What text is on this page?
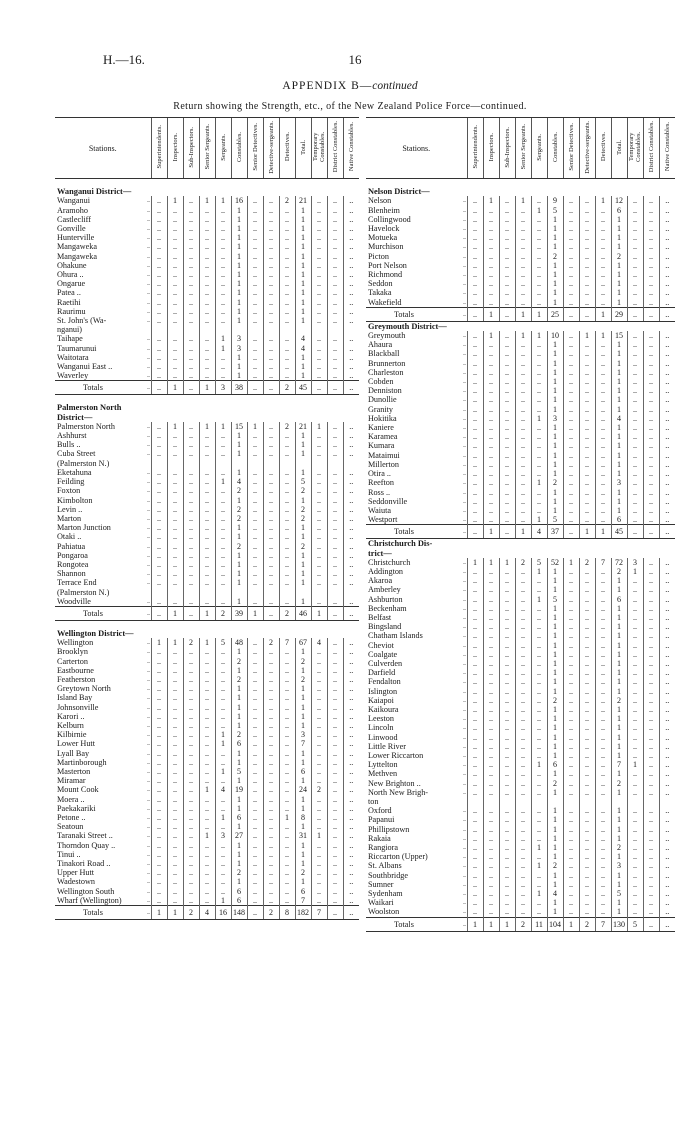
H.—16.	16
APPENDIX B—continued
Return showing the Strength, etc., of the New Zealand Police Force—continued.
Stations.		Superintendents.	Inspectors.	Sub-Inspectors.	Senior Sergeants.	Sergeants.	Constables.	Senior Detectives.	Detective-sergeants.	Detectives.	Total.	Temporary Constables.	District Constables.	Native Constables.

Wanganui District—														
Wanganui	..	..	1	..	1	1	16	..	..	2	21	..	..	..
Aramoho	..	..	..	..	..	..	1	..	..	..	1	..	..	..
Castlecliff	..	..	..	..	..	..	1	..	..	..	1	..	..	..
Gonville	..	..	..	..	..	..	1	..	..	..	1	..	..	..
Hunterville	..	..	..	..	..	..	1	..	..	..	1	..	..	..
Mangaweka	..	..	..	..	..	..	1	..	..	..	1	..	..	..
Mangaweka	..	..	..	..	..	..	1	..	..	..	1	..	..	..
Ohakune	..	..	..	..	..	..	1	..	..	..	1	..	..	..
Ohura ..	..	..	..	..	..	..	1	..	..	..	1	..	..	..
Ongarue	..	..	..	..	..	..	1	..	..	..	1	..	..	..
Patea ..	..	..	..	..	..	..	1	..	..	..	1	..	..	..
Raetihi	..	..	..	..	..	..	1	..	..	..	1	..	..	..
Raurimu	..	..	..	..	..	..	1	..	..	..	1	..	..	..
St. John's (Wa-	..	..	..	..	..	..	1	..	..	..	1	..	..	..
nganui)														
Taihape	..	..	..	..	..	1	3	..	..	..	4	..	..	..
Taumarunui	..	..	..	..	..	1	3	..	..	..	4	..	..	..
Waitotara	..	..	..	..	..	..	1	..	..	..	1	..	..	..
Wanganui East ..	..	..	..	..	..	..	1	..	..	..	1	..	..	..
Waverley	..	..	..	..	..	..	1	..	..	..	1	..	..	..
Totals	..	..	1	..	1	3	38	..	..	2	45	..	..	..

Palmerston North														
District—														
Palmerston North	..	..	1	..	1	1	15	1	..	2	21	1	..	..
Ashhurst	..	..	..	..	..	..	1	..	..	..	1	..	..	..
Bulls ..	..	..	..	..	..	..	1	..	..	..	1	..	..	..
Cuba Street	..	..	..	..	..	..	1	..	..	..	1	..	..	..
(Palmerston N.)														
Eketahuna	..	..	..	..	..	..	1	..	..	..	1	..	..	..
Feilding	..	..	..	..	..	1	4	..	..	..	5	..	..	..
Foxton	..	..	..	..	..	..	2	..	..	..	2	..	..	..
Kimbolton	..	..	..	..	..	..	1	..	..	..	1	..	..	..
Levin ..	..	..	..	..	..	..	2	..	..	..	2	..	..	..
Marton	..	..	..	..	..	..	2	..	..	..	2	..	..	..
Marton Junction	..	..	..	..	..	..	1	..	..	..	1	..	..	..
Otaki ..	..	..	..	..	..	..	1	..	..	..	1	..	..	..
Pahiatua	..	..	..	..	..	..	2	..	..	..	2	..	..	..
Pongaroa	..	..	..	..	..	..	1	..	..	..	1	..	..	..
Rongotea	..	..	..	..	..	..	1	..	..	..	1	..	..	..
Shannon	..	..	..	..	..	..	1	..	..	..	1	..	..	..
Terrace End	..	..	..	..	..	..	1	..	..	..	1	..	..	..
(Palmerston N.)														
Woodville	..	..	..	..	..	..	1	..	..	..	1	..	..	..
Totals	..	..	1	..	1	2	39	1	..	2	46	1	..	..

Wellington District—														
Wellington	..	1	1	2	1	5	48	..	2	7	67	4	..	..
Brooklyn	..	..	..	..	..	..	1	..	..	..	1	..	..	..
Carterton	..	..	..	..	..	..	2	..	..	..	2	..	..	..
Eastbourne	..	..	..	..	..	..	1	..	..	..	1	..	..	..
Featherston	..	..	..	..	..	..	2	..	..	..	2	..	..	..
Greytown North	..	..	..	..	..	..	1	..	..	..	1	..	..	..
Island Bay	..	..	..	..	..	..	1	..	..	..	1	..	..	..
Johnsonville	..	..	..	..	..	..	1	..	..	..	1	..	..	..
Karori ..	..	..	..	..	..	..	1	..	..	..	1	..	..	..
Kelburn	..	..	..	..	..	..	1	..	..	..	1	..	..	..
Kilbirnie	..	..	..	..	..	1	2	..	..	..	3	..	..	..
Lower Hutt	..	..	..	..	..	1	6	..	..	..	7	..	..	..
Lyall Bay	..	..	..	..	..	..	1	..	..	..	1	..	..	..
Martinborough	..	..	..	..	..	..	1	..	..	..	1	..	..	..
Masterton	..	..	..	..	..	1	5	..	..	..	6	..	..	..
Miramar	..	..	..	..	..	..	1	..	..	..	1	..	..	..
Mount Cook	..	..	..	..	1	4	19	..	..	..	24	2	..	..
Moera ..	..	..	..	..	..	..	1	..	..	..	1	..	..	..
Paekakariki	..	..	..	..	..	..	1	..	..	..	1	..	..	..
Petone ..	..	..	..	..	..	1	6	..	..	1	8	..	..	..
Seatoun	..	..	..	..	..	..	1	..	..	..	1	..	..	..
Taranaki Street ..	..	..	..	..	1	3	27	..	..	..	31	1	..	..
Thorndon Quay ..	..	..	..	..	..	..	1	..	..	..	1	..	..	..
Tinui ..	..	..	..	..	..	..	1	..	..	..	1	..	..	..
Tinakori Road ..	..	..	..	..	..	..	1	..	..	..	1	..	..	..
Upper Hutt	..	..	..	..	..	..	2	..	..	..	2	..	..	..
Wadestown	..	..	..	..	..	..	1	..	..	..	1	..	..	..
Wellington South	..	..	..	..	..	..	6	..	..	..	6	..	..	..
Wharf (Wellington)	..	..	..	..	..	1	6	..	..	..	7	..	..	..
Totals	..	1	1	2	4	16	148	..	2	8	182	7	..	..
Stations.		Superintendents.	Inspectors.	Sub-Inspectors.	Senior Sergeants.	Sergeants.	Constables.	Senior Detectives.	Detective-sergeants.	Detectives.	Total.	Temporary Constables.	District Constables.	Native Constables.

Nelson District—														
Nelson	..	..	1	..	1	..	9	..	..	1	12	..	..	..
Blenheim	..	..	..	..	..	1	5	..	..	..	6	..	..	..
Collingwood	..	..	..	..	..	..	1	..	..	..	1	..	..	..
Havelock	..	..	..	..	..	..	1	..	..	..	1	..	..	..
Motueka	..	..	..	..	..	..	1	..	..	..	1	..	..	..
Murchison	..	..	..	..	..	..	1	..	..	..	1	..	..	..
Picton	..	..	..	..	..	..	2	..	..	..	2	..	..	..
Port Nelson	..	..	..	..	..	..	1	..	..	..	1	..	..	..
Richmond	..	..	..	..	..	..	1	..	..	..	1	..	..	..
Seddon	..	..	..	..	..	..	1	..	..	..	1	..	..	..
Takaka	..	..	..	..	..	..	1	..	..	..	1	..	..	..
Wakefield	..	..	..	..	..	..	1	..	..	..	1	..	..	..
Totals	..	..	1	..	1	1	25	..	..	1	29	..	..	..
Greymouth District—														
Greymouth	..	..	1	..	1	1	10	..	1	1	15	..	..	..
Ahaura	..	..	..	..	..	..	1	..	..	..	1	..	..	..
Blackball	..	..	..	..	..	..	1	..	..	..	1	..	..	..
Brunnerton	..	..	..	..	..	..	1	..	..	..	1	..	..	..
Charleston	..	..	..	..	..	..	1	..	..	..	1	..	..	..
Cobden	..	..	..	..	..	..	1	..	..	..	1	..	..	..
Denniston	..	..	..	..	..	..	1	..	..	..	1	..	..	..
Dunollie	..	..	..	..	..	..	1	..	..	..	1	..	..	..
Granity	..	..	..	..	..	..	1	..	..	..	1	..	..	..
Hokitika	..	..	..	..	..	1	3	..	..	..	4	..	..	..
Kaniere	..	..	..	..	..	..	1	..	..	..	1	..	..	..
Karamea	..	..	..	..	..	..	1	..	..	..	1	..	..	..
Kumara	..	..	..	..	..	..	1	..	..	..	1	..	..	..
Mataimui	..	..	..	..	..	..	1	..	..	..	1	..	..	..
Millerton	..	..	..	..	..	..	1	..	..	..	1	..	..	..
Otira ..	..	..	..	..	..	..	1	..	..	..	1	..	..	..
Reefton	..	..	..	..	..	1	2	..	..	..	3	..	..	..
Ross ..	..	..	..	..	..	..	1	..	..	..	1	..	..	..
Seddonville	..	..	..	..	..	..	1	..	..	..	1	..	..	..
Waiuta	..	..	..	..	..	..	1	..	..	..	1	..	..	..
Westport	..	..	..	..	..	1	5	..	..	..	6	..	..	..
Totals	..	..	1	..	1	4	37	..	1	1	45	..	..	..
Christchurch Dis-														
trict—														
Christchurch	..	1	1	1	2	5	52	1	2	7	72	3	..	..
Addington	..	..	..	..	..	1	1	..	..	..	2	1	..	..
Akaroa	..	..	..	..	..	..	1	..	..	..	1	..	..	..
Amberley	..	..	..	..	..	..	1	..	..	..	1	..	..	..
Ashburton	..	..	..	..	..	1	5	..	..	..	6	..	..	..
Beckenham	..	..	..	..	..	..	1	..	..	..	1	..	..	..
Belfast	..	..	..	..	..	..	1	..	..	..	1	..	..	..
Bingsland	..	..	..	..	..	..	1	..	..	..	1	..	..	..
Chatham Islands	..	..	..	..	..	..	1	..	..	..	1	..	..	..
Cheviot	..	..	..	..	..	..	1	..	..	..	1	..	..	..
Coalgate	..	..	..	..	..	..	1	..	..	..	1	..	..	..
Culverden	..	..	..	..	..	..	1	..	..	..	1	..	..	..
Darfield	..	..	..	..	..	..	1	..	..	..	1	..	..	..
Fendalton	..	..	..	..	..	..	1	..	..	..	1	..	..	..
Islington	..	..	..	..	..	..	1	..	..	..	1	..	..	..
Kaiapoi	..	..	..	..	..	..	2	..	..	..	2	..	..	..
Kaikoura	..	..	..	..	..	..	1	..	..	..	1	..	..	..
Leeston	..	..	..	..	..	..	1	..	..	..	1	..	..	..
Lincoln	..	..	..	..	..	..	1	..	..	..	1	..	..	..
Linwood	..	..	..	..	..	..	1	..	..	..	1	..	..	..
Little River	..	..	..	..	..	..	1	..	..	..	1	..	..	..
Lower Riccarton	..	..	..	..	..	..	1	..	..	..	1	..	..	..
Lyttelton	..	..	..	..	..	1	6	..	..	..	7	1	..	..
Methven	..	..	..	..	..	..	1	..	..	..	1	..	..	..
New Brighton ..	..	..	..	..	..	..	2	..	..	..	2	..	..	..
North New Brigh-	..	..	..	..	..	..	1	..	..	..	1	..	..	..
ton														
Oxford	..	..	..	..	..	..	1	..	..	..	1	..	..	..
Papanui	..	..	..	..	..	..	1	..	..	..	1	..	..	..
Phillipstown	..	..	..	..	..	..	1	..	..	..	1	..	..	..
Rakaia	..	..	..	..	..	..	1	..	..	..	1	..	..	..
Rangiora	..	..	..	..	..	1	1	..	..	..	2	..	..	..
Riccarton (Upper)	..	..	..	..	..	..	1	..	..	..	1	..	..	..
St. Albans	..	..	..	..	..	1	2	..	..	..	3	..	..	..
Southbridge	..	..	..	..	..	..	1	..	..	..	1	..	..	..
Sumner	..	..	..	..	..	..	1	..	..	..	1	..	..	..
Sydenham	..	..	..	..	..	1	4	..	..	..	5	..	..	..
Waikari	..	..	..	..	..	..	1	..	..	..	1	..	..	..
Woolston	..	..	..	..	..	..	1	..	..	..	1	..	..	..
Totals	..	1	1	1	2	11	104	1	2	7	130	5	..	..
